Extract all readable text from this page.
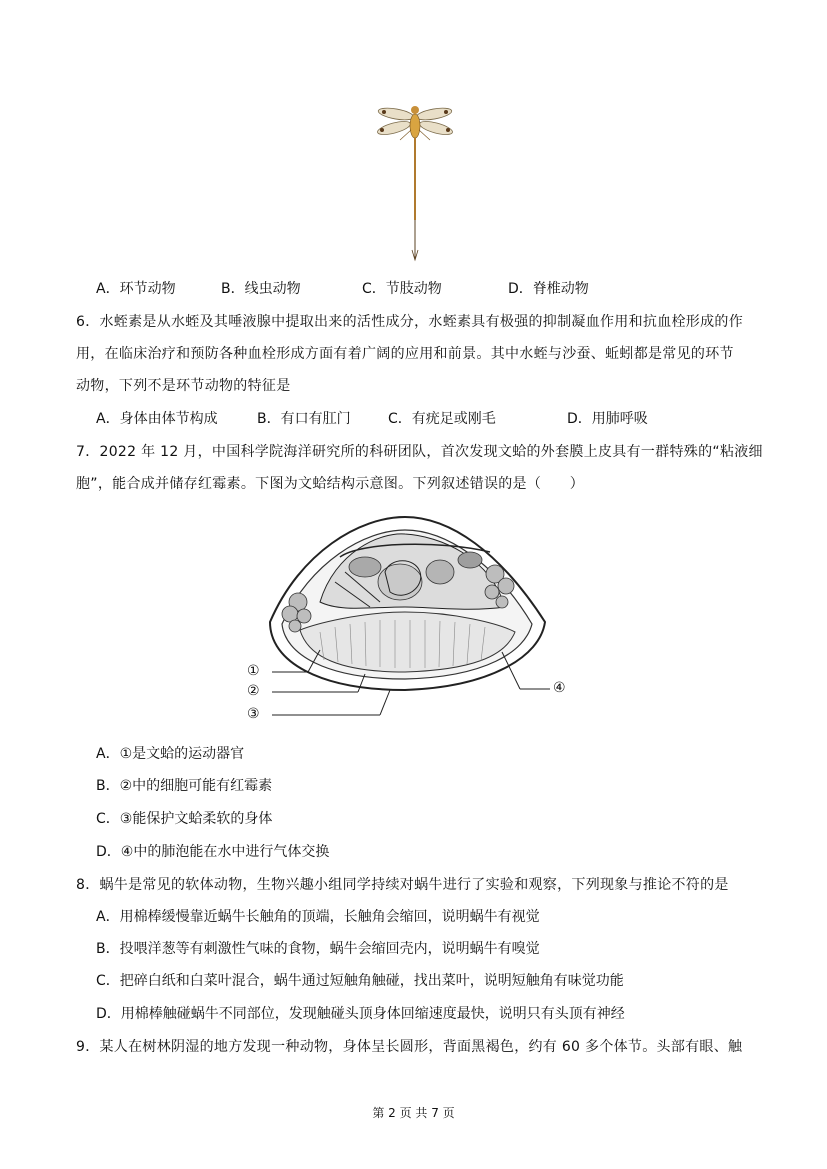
A．环节动物	B．线虫动物	C．节肢动物	D．脊椎动物
6．水蛭素是从水蛭及其唾液腺中提取出来的活性成分，水蛭素具有极强的抑制凝血作用和抗血栓形成的作
用，在临床治疗和预防各种血栓形成方面有着广阔的应用和前景。其中水蛭与沙蚕、蚯蚓都是常见的环节
动物，下列不是环节动物的特征是
A．身体由体节构成	B．有口有肛门	C．有疣足或刚毛	D．用肺呼吸
7．2022 年 12 月，中国科学院海洋研究所的科研团队，首次发现文蛤的外套膜上皮具有一群特殊的“粘液细
胞”，能合成并储存红霉素。下图为文蛤结构示意图。下列叙述错误的是（　　）
①
②
③
④
A．①是文蛤的运动器官
B．②中的细胞可能有红霉素
C．③能保护文蛤柔软的身体
D．④中的肺泡能在水中进行气体交换
8．蜗牛是常见的软体动物，生物兴趣小组同学持续对蜗牛进行了实验和观察，下列现象与推论不符的是
A．用棉棒缓慢靠近蜗牛长触角的顶端，长触角会缩回，说明蜗牛有视觉
B．投喂洋葱等有刺激性气味的食物，蜗牛会缩回壳内，说明蜗牛有嗅觉
C．把碎白纸和白菜叶混合，蜗牛通过短触角触碰，找出菜叶，说明短触角有味觉功能
D．用棉棒触碰蜗牛不同部位，发现触碰头顶身体回缩速度最快，说明只有头顶有神经
9．某人在树林阴湿的地方发现一种动物，身体呈长圆形，背面黑褐色，约有 60 多个体节。头部有眼、触
第 2 页 共 7 页
